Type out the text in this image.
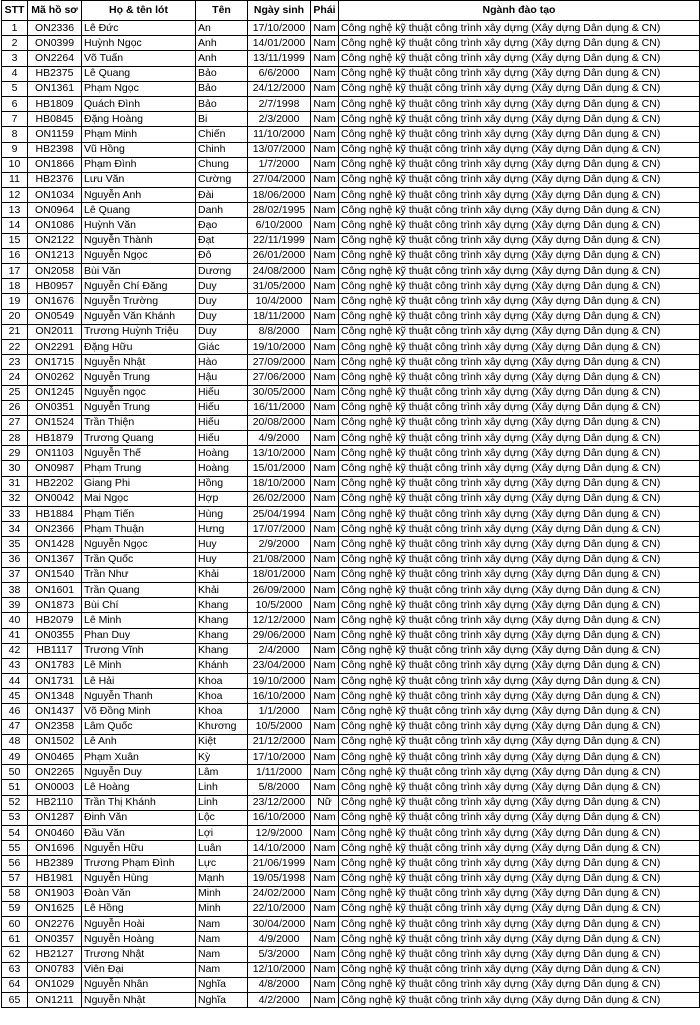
STT	Mã hồ sơ	Họ & tên lót	Tên	Ngày sinh	Phái	Ngành đào tạo
1	ON2336	Lê Đức	An	17/10/2000	Nam	Công nghệ kỹ thuật công trình xây dựng (Xây dựng Dân dụng & CN)
2	ON0399	Huỳnh Ngọc	Anh	14/01/2000	Nam	Công nghệ kỹ thuật công trình xây dựng (Xây dựng Dân dụng & CN)
3	ON2264	Võ Tuấn	Anh	13/11/1999	Nam	Công nghệ kỹ thuật công trình xây dựng (Xây dựng Dân dụng & CN)
4	HB2375	Lê Quang	Bảo	6/6/2000	Nam	Công nghệ kỹ thuật công trình xây dựng (Xây dựng Dân dụng & CN)
5	ON1361	Phạm Ngọc	Bảo	24/12/2000	Nam	Công nghệ kỹ thuật công trình xây dựng (Xây dựng Dân dụng & CN)
6	HB1809	Quách Đình	Bảo	2/7/1998	Nam	Công nghệ kỹ thuật công trình xây dựng (Xây dựng Dân dụng & CN)
7	HB0845	Đặng Hoàng	Bi	2/3/2000	Nam	Công nghệ kỹ thuật công trình xây dựng (Xây dựng Dân dụng & CN)
8	ON1159	Phạm Minh	Chiến	11/10/2000	Nam	Công nghệ kỹ thuật công trình xây dựng (Xây dựng Dân dụng & CN)
9	HB2398	Vũ Hồng	Chinh	13/07/2000	Nam	Công nghệ kỹ thuật công trình xây dựng (Xây dựng Dân dụng & CN)
10	ON1866	Phạm Đình	Chung	1/7/2000	Nam	Công nghệ kỹ thuật công trình xây dựng (Xây dựng Dân dụng & CN)
11	HB2376	Lưu Văn	Cường	27/04/2000	Nam	Công nghệ kỹ thuật công trình xây dựng (Xây dựng Dân dụng & CN)
12	ON1034	Nguyễn Anh	Đài	18/06/2000	Nam	Công nghệ kỹ thuật công trình xây dựng (Xây dựng Dân dụng & CN)
13	ON0964	Lê Quang	Danh	28/02/1995	Nam	Công nghệ kỹ thuật công trình xây dựng (Xây dựng Dân dụng & CN)
14	ON1086	Huỳnh Văn	Đạo	6/10/2000	Nam	Công nghệ kỹ thuật công trình xây dựng (Xây dựng Dân dụng & CN)
15	ON2122	Nguyễn Thành	Đạt	22/11/1999	Nam	Công nghệ kỹ thuật công trình xây dựng (Xây dựng Dân dụng & CN)
16	ON1213	Nguyễn Ngọc	Đô	26/01/2000	Nam	Công nghệ kỹ thuật công trình xây dựng (Xây dựng Dân dụng & CN)
17	ON2058	Bùi Văn	Dương	24/08/2000	Nam	Công nghệ kỹ thuật công trình xây dựng (Xây dựng Dân dụng & CN)
18	HB0957	Nguyễn Chí Đăng	Duy	31/05/2000	Nam	Công nghệ kỹ thuật công trình xây dựng (Xây dựng Dân dụng & CN)
19	ON1676	Nguyễn Trường	Duy	10/4/2000	Nam	Công nghệ kỹ thuật công trình xây dựng (Xây dựng Dân dụng & CN)
20	ON0549	Nguyễn Văn Khánh	Duy	18/11/2000	Nam	Công nghệ kỹ thuật công trình xây dựng (Xây dựng Dân dụng & CN)
21	ON2011	Trương Huỳnh Triệu	Duy	8/8/2000	Nam	Công nghệ kỹ thuật công trình xây dựng (Xây dựng Dân dụng & CN)
22	ON2291	Đặng Hữu	Giác	19/10/2000	Nam	Công nghệ kỹ thuật công trình xây dựng (Xây dựng Dân dụng & CN)
23	ON1715	Nguyễn Nhật	Hào	27/09/2000	Nam	Công nghệ kỹ thuật công trình xây dựng (Xây dựng Dân dụng & CN)
24	ON0262	Nguyễn Trung	Hậu	27/06/2000	Nam	Công nghệ kỹ thuật công trình xây dựng (Xây dựng Dân dụng & CN)
25	ON1245	Nguyễn ngọc	Hiếu	30/05/2000	Nam	Công nghệ kỹ thuật công trình xây dựng (Xây dựng Dân dụng & CN)
26	ON0351	Nguyễn Trung	Hiếu	16/11/2000	Nam	Công nghệ kỹ thuật công trình xây dựng (Xây dựng Dân dụng & CN)
27	ON1524	Trần Thiện	Hiếu	20/08/2000	Nam	Công nghệ kỹ thuật công trình xây dựng (Xây dựng Dân dụng & CN)
28	HB1879	Trương Quang	Hiếu	4/9/2000	Nam	Công nghệ kỹ thuật công trình xây dựng (Xây dựng Dân dụng & CN)
29	ON1103	Nguyễn Thế	Hoàng	13/10/2000	Nam	Công nghệ kỹ thuật công trình xây dựng (Xây dựng Dân dụng & CN)
30	ON0987	Phạm Trung	Hoàng	15/01/2000	Nam	Công nghệ kỹ thuật công trình xây dựng (Xây dựng Dân dụng & CN)
31	HB2202	Giang Phi	Hồng	18/10/2000	Nam	Công nghệ kỹ thuật công trình xây dựng (Xây dựng Dân dụng & CN)
32	ON0042	Mai Ngọc	Hợp	26/02/2000	Nam	Công nghệ kỹ thuật công trình xây dựng (Xây dựng Dân dụng & CN)
33	HB1884	Phạm Tiến	Hùng	25/04/1994	Nam	Công nghệ kỹ thuật công trình xây dựng (Xây dựng Dân dụng & CN)
34	ON2366	Phạm Thuận	Hưng	17/07/2000	Nam	Công nghệ kỹ thuật công trình xây dựng (Xây dựng Dân dụng & CN)
35	ON1428	Nguyễn Ngọc	Huy	2/9/2000	Nam	Công nghệ kỹ thuật công trình xây dựng (Xây dựng Dân dụng & CN)
36	ON1367	Trần Quốc	Huy	21/08/2000	Nam	Công nghệ kỹ thuật công trình xây dựng (Xây dựng Dân dụng & CN)
37	ON1540	Trần Như	Khải	18/01/2000	Nam	Công nghệ kỹ thuật công trình xây dựng (Xây dựng Dân dụng & CN)
38	ON1601	Trần Quang	Khải	26/09/2000	Nam	Công nghệ kỹ thuật công trình xây dựng (Xây dựng Dân dụng & CN)
39	ON1873	Bùi Chí	Khang	10/5/2000	Nam	Công nghệ kỹ thuật công trình xây dựng (Xây dựng Dân dụng & CN)
40	HB2079	Lê Minh	Khang	12/12/2000	Nam	Công nghệ kỹ thuật công trình xây dựng (Xây dựng Dân dụng & CN)
41	ON0355	Phan Duy	Khang	29/06/2000	Nam	Công nghệ kỹ thuật công trình xây dựng (Xây dựng Dân dụng & CN)
42	HB1117	Trương Vĩnh	Khang	2/4/2000	Nam	Công nghệ kỹ thuật công trình xây dựng (Xây dựng Dân dụng & CN)
43	ON1783	Lê Minh	Khánh	23/04/2000	Nam	Công nghệ kỹ thuật công trình xây dựng (Xây dựng Dân dụng & CN)
44	ON1731	Lê Hải	Khoa	19/10/2000	Nam	Công nghệ kỹ thuật công trình xây dựng (Xây dựng Dân dụng & CN)
45	ON1348	Nguyễn Thanh	Khoa	16/10/2000	Nam	Công nghệ kỹ thuật công trình xây dựng (Xây dựng Dân dụng & CN)
46	ON1437	Võ Đồng Minh	Khoa	1/1/2000	Nam	Công nghệ kỹ thuật công trình xây dựng (Xây dựng Dân dụng & CN)
47	ON2358	Lâm Quốc	Khương	10/5/2000	Nam	Công nghệ kỹ thuật công trình xây dựng (Xây dựng Dân dụng & CN)
48	ON1502	Lê Anh	Kiệt	21/12/2000	Nam	Công nghệ kỹ thuật công trình xây dựng (Xây dựng Dân dụng & CN)
49	ON0465	Phạm Xuân	Kỳ	17/10/2000	Nam	Công nghệ kỹ thuật công trình xây dựng (Xây dựng Dân dụng & CN)
50	ON2265	Nguyễn Duy	Lâm	1/11/2000	Nam	Công nghệ kỹ thuật công trình xây dựng (Xây dựng Dân dụng & CN)
51	ON0003	Lê Hoàng	Linh	5/8/2000	Nam	Công nghệ kỹ thuật công trình xây dựng (Xây dựng Dân dụng & CN)
52	HB2110	Trần Thị Khánh	Linh	23/12/2000	Nữ	Công nghệ kỹ thuật công trình xây dựng (Xây dựng Dân dụng & CN)
53	ON1287	Đinh Văn	Lộc	16/10/2000	Nam	Công nghệ kỹ thuật công trình xây dựng (Xây dựng Dân dụng & CN)
54	ON0460	Đầu Văn	Lợi	12/9/2000	Nam	Công nghệ kỹ thuật công trình xây dựng (Xây dựng Dân dụng & CN)
55	ON1696	Nguyễn Hữu	Luân	14/10/2000	Nam	Công nghệ kỹ thuật công trình xây dựng (Xây dựng Dân dụng & CN)
56	HB2389	Trương Phạm Đình	Lực	21/06/1999	Nam	Công nghệ kỹ thuật công trình xây dựng (Xây dựng Dân dụng & CN)
57	HB1981	Nguyễn Hùng	Mạnh	19/05/1998	Nam	Công nghệ kỹ thuật công trình xây dựng (Xây dựng Dân dụng & CN)
58	ON1903	Đoàn Văn	Minh	24/02/2000	Nam	Công nghệ kỹ thuật công trình xây dựng (Xây dựng Dân dụng & CN)
59	ON1625	Lê Hồng	Minh	22/10/2000	Nam	Công nghệ kỹ thuật công trình xây dựng (Xây dựng Dân dụng & CN)
60	ON2276	Nguyễn Hoài	Nam	30/04/2000	Nam	Công nghệ kỹ thuật công trình xây dựng (Xây dựng Dân dụng & CN)
61	ON0357	Nguyễn Hoàng	Nam	4/9/2000	Nam	Công nghệ kỹ thuật công trình xây dựng (Xây dựng Dân dụng & CN)
62	HB2127	Trương Nhật	Nam	5/3/2000	Nam	Công nghệ kỹ thuật công trình xây dựng (Xây dựng Dân dụng & CN)
63	ON0783	Viên Đại	Nam	12/10/2000	Nam	Công nghệ kỹ thuật công trình xây dựng (Xây dựng Dân dụng & CN)
64	ON1029	Nguyễn Nhân	Nghĩa	4/8/2000	Nam	Công nghệ kỹ thuật công trình xây dựng (Xây dựng Dân dụng & CN)
65	ON1211	Nguyễn Nhật	Nghĩa	4/2/2000	Nam	Công nghệ kỹ thuật công trình xây dựng (Xây dựng Dân dụng & CN)
